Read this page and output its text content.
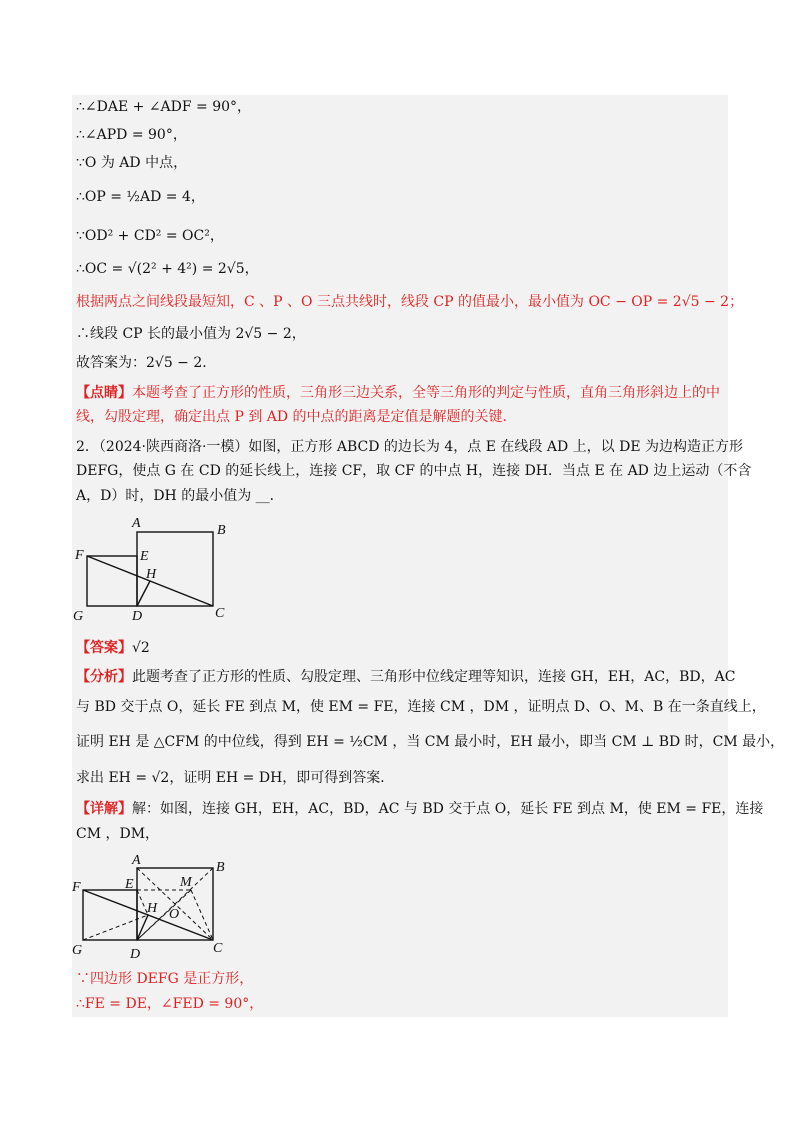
∴∠DAE + ∠ADF = 90°，
∴∠APD = 90°，
∵O 为 AD 中点，
∴OP = ½AD = 4，
∵OD² + CD² = OC²，
∴OC = √(2² + 4²) = 2√5，
根据两点之间线段最短知，C 、P 、O 三点共线时，线段 CP 的值最小，最小值为 OC − OP = 2√5 − 2；
∴线段 CP 长的最小值为 2√5 − 2，
故答案为：2√5 − 2．
【点睛】本题考查了正方形的性质，三角形三边关系，全等三角形的判定与性质，直角三角形斜边上的中
线，勾股定理，确定出点 P 到 AD 的中点的距离是定值是解题的关键．
2．（2024·陕西商洛·一模）如图，正方形 ABCD 的边长为 4，点 E 在线段 AD 上，以 DE 为边构造正方形
DEFG，使点 G 在 CD 的延长线上，连接 CF，取 CF 的中点 H，连接 DH．当点 E 在 AD 边上运动（不含
A，D）时，DH 的最小值为 __．
A	B
C
D
E
F
G
H
【答案】√2
【分析】此题考查了正方形的性质、勾股定理、三角形中位线定理等知识，连接 GH，EH，AC，BD，AC
与 BD 交于点 O，延长 FE 到点 M，使 EM = FE，连接 CM ，DM ，证明点 D、O、M、B 在一条直线上，
证明 EH 是 △CFM 的中位线，得到 EH = ½CM ，当 CM 最小时，EH 最小，即当 CM ⊥ BD 时，CM 最小，
求出 EH = √2，证明 EH = DH，即可得到答案．
【详解】解：如图，连接 GH，EH，AC，BD，AC 与 BD 交于点 O，延长 FE 到点 M，使 EM = FE，连接
CM ，DM，
A	B
C
D
E
F
G
H
M
O
∵四边形 DEFG 是正方形，
∴FE = DE，∠FED = 90°，
